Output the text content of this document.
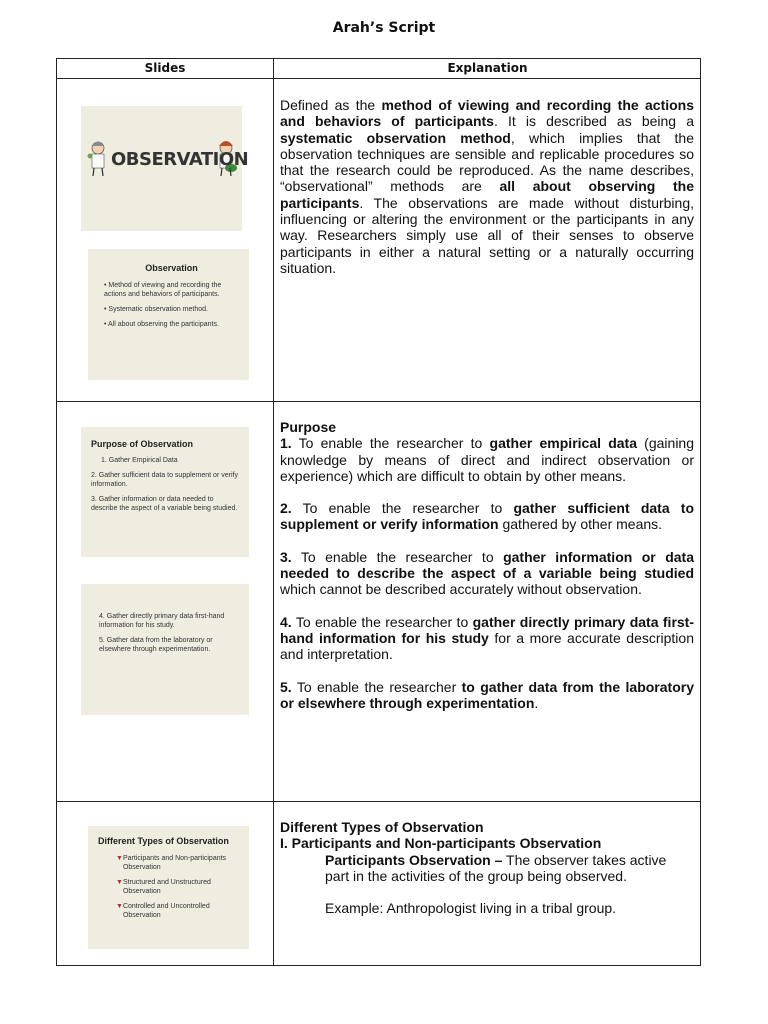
Arah’s Script
Slides	Explanation
OBSERVATION
Observation
• Method of viewing and recording the actions and behaviors of participants.
• Systematic observation method.
• All about observing the participants.

Defined as the method of viewing and recording the actions and behaviors of participants. It is described as being a systematic observation method, which implies that the observation techniques are sensible and replicable procedures so that the research could be reproduced. As the name describes, “observational” methods are all about observing the participants. The observations are made without disturbing, influencing or altering the environment or the participants in any way. Researchers simply use all of their senses to observe participants in either a natural setting or a naturally occurring situation.

Purpose of Observation
1. Gather Empirical Data
2. Gather sufficient data to supplement or verify information.
3. Gather information or data needed to describe the aspect of a variable being studied.
4. Gather directly primary data first-hand information for his study.
5. Gather data from the laboratory or elsewhere through experimentation.

Purpose

1. To enable the researcher to gather empirical data (gaining knowledge by means of direct and indirect observation or experience) which are difficult to obtain by other means.

2. To enable the researcher to gather sufficient data to supplement or verify information gathered by other means.

3. To enable the researcher to gather information or data needed to describe the aspect of a variable being studied which cannot be described accurately without observation.

4. To enable the researcher to gather directly primary data first-hand information for his study for a more accurate description and interpretation.

5. To enable the researcher to gather data from the laboratory or elsewhere through experimentation.

Different Types of Observation
▼ Participants and Non-participants Observation
▼ Structured and Unstructured Observation
▼ Controlled and Uncontrolled Observation

Different Types of Observation

I. Participants and Non-participants Observation

Participants Observation – The observer takes active part in the activities of the group being observed.

Example: Anthropologist living in a tribal group.
